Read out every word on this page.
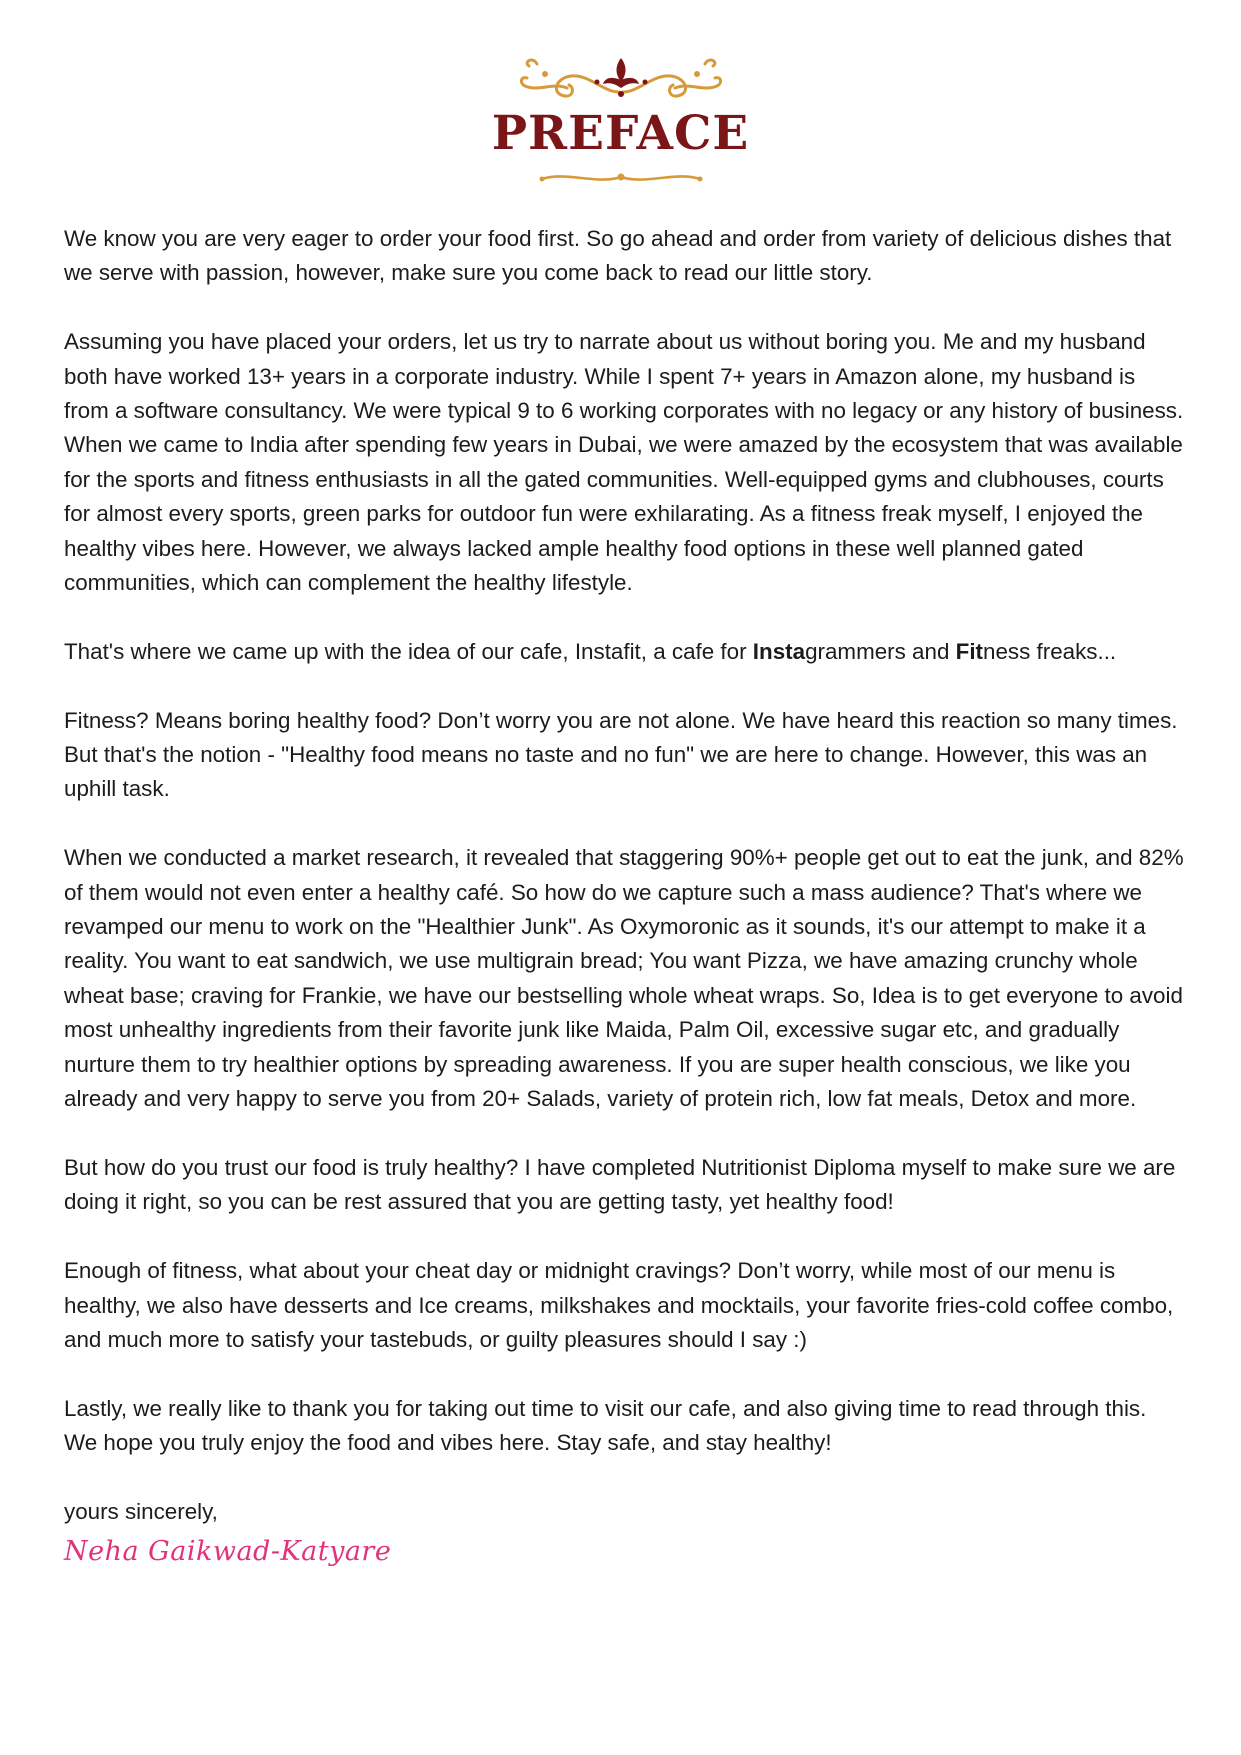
PREFACE

We know you are very eager to order your food first. So go ahead and order from variety of delicious dishes that we serve with passion, however, make sure you come back to read our little story.

Assuming you have placed your orders, let us try to narrate about us without boring you. Me and my husband both have worked 13+ years in a corporate industry. While I spent 7+ years in Amazon alone, my husband is from a software consultancy. We were typical 9 to 6 working corporates with no legacy or any history of business. When we came to India after spending few years in Dubai, we were amazed by the ecosystem that was available for the sports and fitness enthusiasts in all the gated communities. Well-equipped gyms and clubhouses, courts for almost every sports, green parks for outdoor fun were exhilarating. As a fitness freak myself, I enjoyed the healthy vibes here. However, we always lacked ample healthy food options in these well planned gated communities, which can complement the healthy lifestyle.

That's where we came up with the idea of our cafe, Instafit, a cafe for Instagrammers and Fitness freaks...

Fitness? Means boring healthy food? Don’t worry you are not alone. We have heard this reaction so many times. But that's the notion - "Healthy food means no taste and no fun" we are here to change. However, this was an uphill task.

When we conducted a market research, it revealed that staggering 90%+ people get out to eat the junk, and 82% of them would not even enter a healthy café. So how do we capture such a mass audience? That's where we revamped our menu to work on the "Healthier Junk". As Oxymoronic as it sounds, it's our attempt to make it a reality. You want to eat sandwich, we use multigrain bread; You want Pizza, we have amazing crunchy whole wheat base; craving for Frankie, we have our bestselling whole wheat wraps. So, Idea is to get everyone to avoid most unhealthy ingredients from their favorite junk like Maida, Palm Oil, excessive sugar etc, and gradually nurture them to try healthier options by spreading awareness. If you are super health conscious, we like you already and very happy to serve you from 20+ Salads, variety of protein rich, low fat meals, Detox and more.

But how do you trust our food is truly healthy? I have completed Nutritionist Diploma myself to make sure we are doing it right, so you can be rest assured that you are getting tasty, yet healthy food!

Enough of fitness, what about your cheat day or midnight cravings? Don’t worry, while most of our menu is healthy, we also have desserts and Ice creams, milkshakes and mocktails, your favorite fries-cold coffee combo, and much more to satisfy your tastebuds, or guilty pleasures should I say :)

Lastly, we really like to thank you for taking out time to visit our cafe, and also giving time to read through this. We hope you truly enjoy the food and vibes here. Stay safe, and stay healthy!

yours sincerely,
Neha Gaikwad-Katyare
